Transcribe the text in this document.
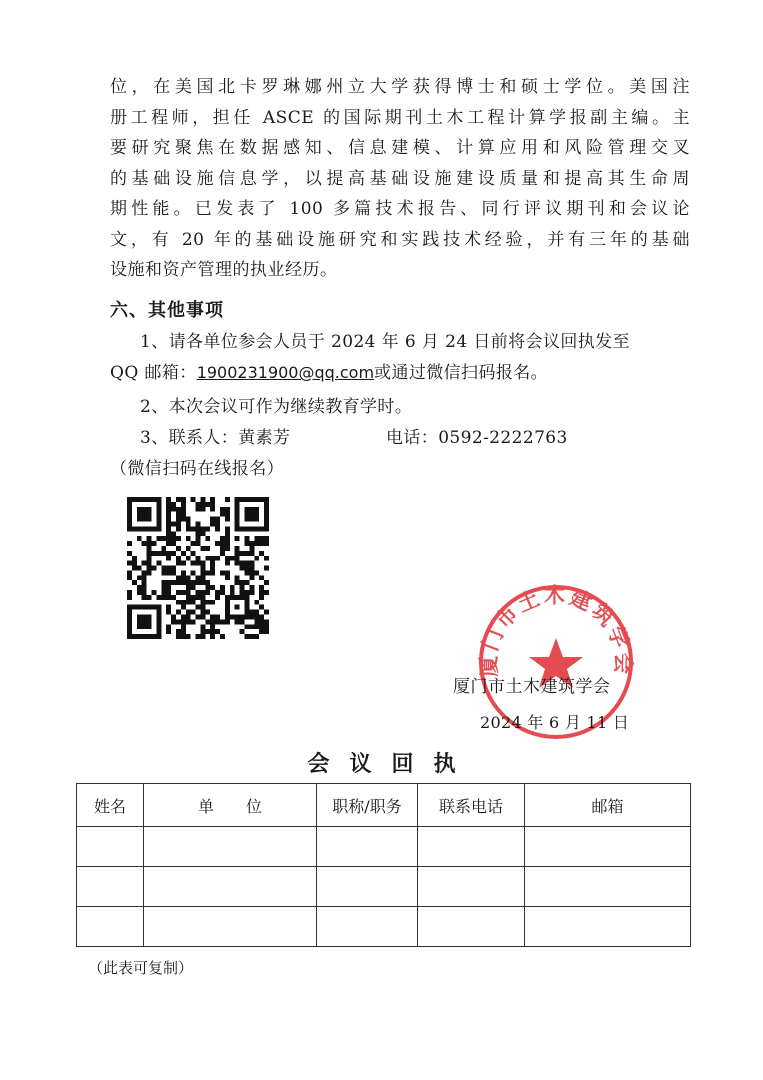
位，在美国北卡罗琳娜州立大学获得博士和硕士学位。美国注
册工程师，担任 ASCE 的国际期刊土木工程计算学报副主编。主
要研究聚焦在数据感知、信息建模、计算应用和风险管理交叉
的基础设施信息学，以提高基础设施建设质量和提高其生命周
期性能。已发表了 100 多篇技术报告、同行评议期刊和会议论
文，有 20 年的基础设施研究和实践技术经验，并有三年的基础
设施和资产管理的执业经历。
六、其他事项
1、请各单位参会人员于 2024 年 6 月 24 日前将会议回执发至
QQ 邮箱：1900231900@qq.com或通过微信扫码报名。
2、本次会议可作为继续教育学时。
3、联系人：黄素芳	电话：0592-2222763
（微信扫码在线报名）
厦门市土木建筑学会
厦门市土木建筑学会
2024 年 6 月 11 日
会议回执
姓名	单　　位	职称/职务	联系电话	邮箱

（此表可复制）
